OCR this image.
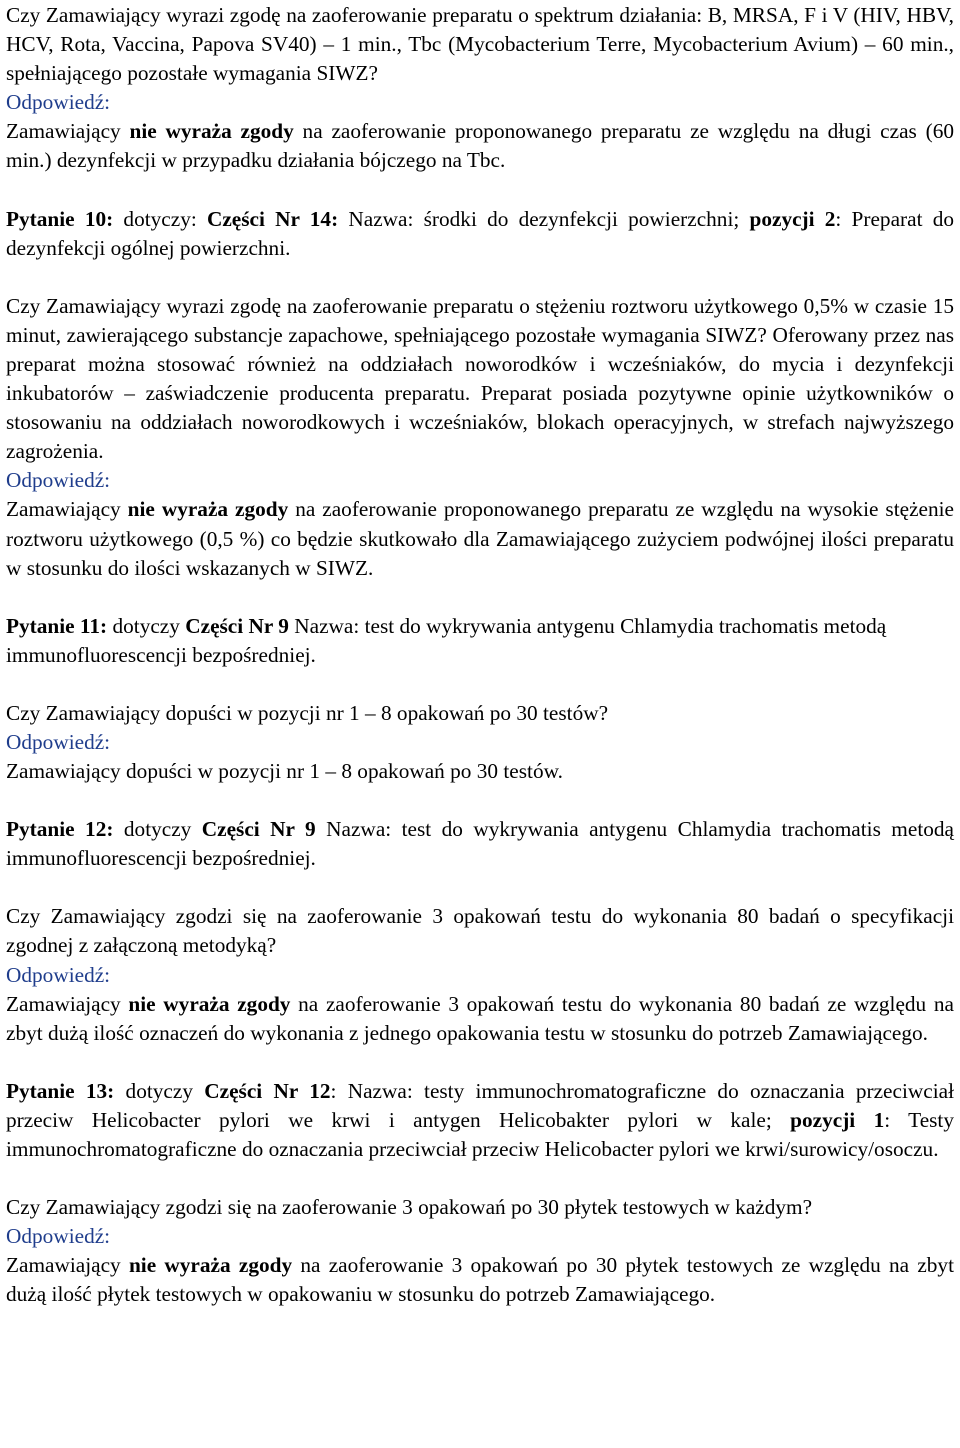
Czy Zamawiający wyrazi zgodę na zaoferowanie preparatu o spektrum działania: B, MRSA, F i V (HIV, HBV, HCV, Rota, Vaccina, Papova SV40) – 1 min., Tbc (Mycobacterium Terre, Mycobacterium Avium) – 60 min., spełniającego pozostałe wymagania SIWZ?

Odpowiedź:

Zamawiający nie wyraża zgody na zaoferowanie proponowanego preparatu ze względu na długi czas (60 min.) dezynfekcji w przypadku działania bójczego na Tbc.

Pytanie 10: dotyczy: Części Nr 14: Nazwa: środki do dezynfekcji powierzchni; pozycji 2: Preparat do dezynfekcji ogólnej powierzchni.

Czy Zamawiający wyrazi zgodę na zaoferowanie preparatu o stężeniu roztworu użytkowego 0,5% w czasie 15 minut, zawierającego substancje zapachowe, spełniającego pozostałe wymagania SIWZ? Oferowany przez nas preparat można stosować również na oddziałach noworodków i wcześniaków, do mycia i dezynfekcji inkubatorów – zaświadczenie producenta preparatu. Preparat posiada pozytywne opinie użytkowników o stosowaniu na oddziałach noworodkowych i wcześniaków, blokach operacyjnych, w strefach najwyższego zagrożenia.

Odpowiedź:

Zamawiający nie wyraża zgody na zaoferowanie proponowanego preparatu ze względu na wysokie stężenie roztworu użytkowego (0,5 %) co będzie skutkowało dla Zamawiającego zużyciem podwójnej ilości preparatu w stosunku do ilości wskazanych w SIWZ.

Pytanie 11: dotyczy Części Nr 9 Nazwa: test do wykrywania antygenu Chlamydia trachomatis metodą immunofluorescencji bezpośredniej.

Czy Zamawiający dopuści w pozycji nr 1 – 8 opakowań po 30 testów?

Odpowiedź:

Zamawiający dopuści w pozycji nr 1 – 8 opakowań po 30 testów.

Pytanie 12: dotyczy Części Nr 9 Nazwa: test do wykrywania antygenu Chlamydia trachomatis metodą immunofluorescencji bezpośredniej.

Czy Zamawiający zgodzi się na zaoferowanie 3 opakowań testu do wykonania 80 badań o specyfikacji zgodnej z załączoną metodyką?

Odpowiedź:

Zamawiający nie wyraża zgody na zaoferowanie 3 opakowań testu do wykonania 80 badań ze względu na zbyt dużą ilość oznaczeń do wykonania z jednego opakowania testu w stosunku do potrzeb Zamawiającego.

Pytanie 13: dotyczy Części Nr 12: Nazwa: testy immunochromatograficzne do oznaczania przeciwciał przeciw Helicobacter pylori we krwi i antygen Helicobakter pylori w kale; pozycji 1: Testy immunochromatograficzne do oznaczania przeciwciał przeciw Helicobacter pylori we krwi/surowicy/osoczu.

Czy Zamawiający zgodzi się na zaoferowanie 3 opakowań po 30 płytek testowych w każdym?

Odpowiedź:

Zamawiający nie wyraża zgody na zaoferowanie 3 opakowań po 30 płytek testowych ze względu na zbyt dużą ilość płytek testowych w opakowaniu w stosunku do potrzeb Zamawiającego.
